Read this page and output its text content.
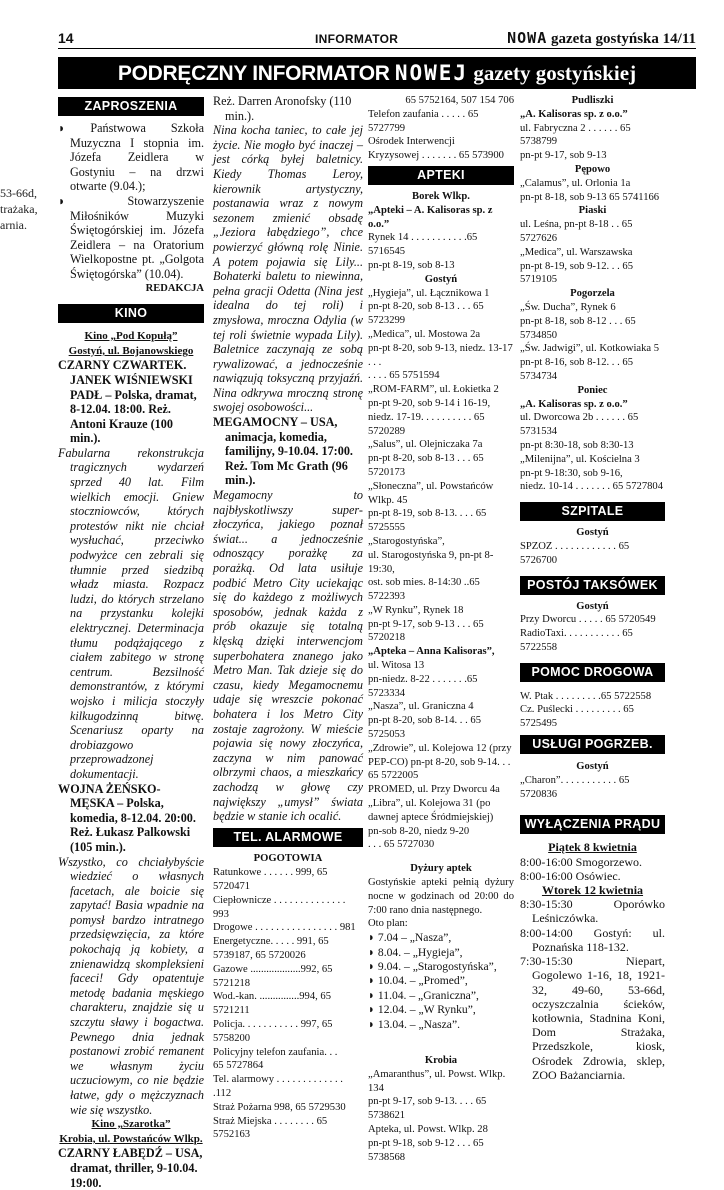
14	INFORMATOR	NOWA gazeta gostyńska 14/11
PODRĘCZNY INFORMATOR NOWEJ gazety gostyńskiej
53-66d,
trażaka,
arnia.
ZAPROSZENIA

◗ Państwowa Szkoła Muzyczna I stopnia im. Józefa Zeidlera w Gostyniu – na drzwi otwarte (9.04.);

◗ Stowarzyszenie Miłośników Muzyki Świętogórskiej im. Józefa Zeidlera – na Oratorium Wielkopostne pt. „Golgota Świętogórska” (10.04).

REDAKCJA

KINO

Kino „Pod Kopułą”

Gostyń, ul. Bojanowskiego

CZARNY CZWARTEK. JANEK WIŚNIEWSKI PADŁ – Polska, dramat, 8-12.04. 18:00. Reż. Antoni Krauze (100 min.).

Fabularna rekonstrukcja tragicznych wydarzeń sprzed 40 lat. Film wielkich emocji. Gniew stoczniowców, których protestów nikt nie chciał wysłuchać, przeciwko podwyżce cen zebrali się tłumnie przed siedzibą władz miasta. Rozpacz ludzi, do których strzelano na przystanku kolejki elektrycznej. Determinacja tłumu podążającego z ciałem zabitego w stronę centrum. Bezsilność demonstrantów, z którymi wojsko i milicja stoczyły kilkugodzinną bitwę. Scenariusz oparty na drobiazgowo przeprowadzonej dokumentacji.

WOJNA ŻEŃSKO-MĘSKA – Polska, komedia, 8-12.04. 20:00. Reż. Łukasz Palkowski (105 min.).

Wszystko, co chciałybyście wiedzieć o własnych facetach, ale boicie się zapytać! Basia wpadnie na pomysł bardzo intratnego przedsięwzięcia, za które pokochają ją kobiety, a znienawidzą skompleksieni faceci! Gdy opatentuje metodę badania męskiego charakteru, znajdzie się u szczytu sławy i bogactwa. Pewnego dnia jednak postanowi zrobić remanent we własnym życiu uczuciowym, co nie będzie łatwe, gdy o mężczyznach wie się wszystko.

Kino „Szarotka”

Krobia, ul. Powstańców Wlkp.

CZARNY ŁABĘDŹ – USA, dramat, thriller, 9-10.04. 19:00.

Reż. Darren Aronofsky (110 min.).

Nina kocha taniec, to całe jej życie. Nie mogło być inaczej – jest córką byłej baletnicy. Kiedy Thomas Leroy, kierownik artystyczny, postanawia wraz z nowym sezonem zmienić obsadę „Jeziora łabędziego”, chce powierzyć główną rolę Ninie. A potem pojawia się Lily... Bohaterki baletu to niewinna, pełna gracji Odetta (Nina jest idealna do tej roli) i zmysłowa, mroczna Odylia (w tej roli świetnie wypada Lily). Baletnice zaczynają ze sobą rywalizować, a jednocześnie nawiązują toksyczną przyjaźń. Nina odkrywa mroczną stronę swojej osobowości...

MEGAMOCNY – USA, animacja, komedia, familijny, 9-10.04. 17:00. Reż. Tom Mc Grath (96 min.).

Megamocny to najbłyskotliwszy super-złoczyńca, jakiego poznał świat... a jednocześnie odnoszący porażkę za porażką. Od lata usiłuje podbić Metro City uciekając się do każdego z możliwych sposobów, jednak każda z prób okazuje się totalną klęską dzięki interwencjom superbohatera znanego jako Metro Man. Tak dzieje się do czasu, kiedy Megamocnemu udaje się wreszcie pokonać bohatera i los Metro City zostaje zagrożony. W mieście pojawia się nowy złoczyńca, zaczyna w nim panować olbrzymi chaos, a mieszkańcy zachodzą w głowę czy największy „umysł” świata będzie w stanie ich ocalić.

TEL. ALARMOWE

POGOTOWIA

Ratunkowe . . . . . . 999, 65 5720471

Ciepłownicze . . . . . . . . . . . . . . 993

Drogowe . . . . . . . . . . . . . . . . 981

Energetyczne. . . . . 991, 65 5739187, 65 5720026

Gazowe ...................992, 65 5721218

Wod.-kan. ...............994, 65 5721211

Policja. . . . . . . . . . . 997, 65 5758200

Policyjny telefon zaufania. . .

65 5727864

Tel. alarmowy . . . . . . . . . . . . . .112

Straż Pożarna 998, 65 5729530

Straż Miejska . . . . . . . . 65 5752163

65 5752164, 507 154 706

Telefon zaufania . . . . . 65 5727799

Ośrodek Interwencji

Kryzysowej . . . . . . . 65 573900

APTEKI

Borek Wlkp.

„Apteki – A. Kalisoras sp. z o.o.”

Rynek 14 . . . . . . . . . . .65 5716545

pn-pt 8-19, sob 8-13

Gostyń

„Hygieja”, ul. Łącznikowa 1

pn-pt 8-20, sob 8-13 . . . 65 5723299

„Medica”, ul. Mostowa 2a

pn-pt 8-20, sob 9-13, niedz. 13-17 . . .

. . . . 65 5751594

„ROM-FARM”, ul. Łokietka 2

pn-pt 9-20, sob 9-14 i 16-19,

niedz. 17-19. . . . . . . . . . 65 5720289

„Salus”, ul. Olejniczaka 7a

pn-pt 8-20, sob 8-13 . . . 65 5720173

„Słoneczna”, ul. Powstańców Wlkp. 45

pn-pt 8-19, sob 8-13. . . . 65 5725555

„Starogostyńska”,

ul. Starogostyńska 9, pn-pt 8-19:30,

ost. sob mies. 8-14:30 ..65 5722393

„W Rynku”, Rynek 18

pn-pt 9-17, sob 9-13 . . . 65 5720218

„Apteka – Anna Kalisoras”,

ul. Witosa 13

pn-niedz. 8-22 . . . . . . .65 5723334

„Nasza”, ul. Graniczna 4

pn-pt 8-20, sob 8-14. . . 65 5725053

„Zdrowie”, ul. Kolejowa 12 (przy PEP-CO) pn-pt 8-20, sob 9-14. . . 65 5722005

PROMED, ul. Przy Dworcu 4a

„Libra”, ul. Kolejowa 31 (po dawnej aptece Śródmiejskiej)

pn-sob 8-20, niedz 9-20

. . . 65 5727030

Dyżury aptek

Gostyńskie apteki pełnią dyżury nocne w godzinach od 20:00 do 7:00 rano dnia następnego.

Oto plan:

◗ 7.04 – „Nasza”,

◗ 8.04. – „Hygieja”,

◗ 9.04. – „Starogostyńska”,

◗ 10.04. – „Promed”,

◗ 11.04. – „Graniczna”,

◗ 12.04. – „W Rynku”,

◗ 13.04. – „Nasza”.

Krobia

„Amaranthus”, ul. Powst. Wlkp. 134

pn-pt 9-17, sob 9-13. . . . 65 5738621

Apteka, ul. Powst. Wlkp. 28

pn-pt 9-18, sob 9-12 . . . 65 5738568

Pudliszki

„A. Kalisoras sp. z o.o.”

ul. Fabryczna 2 . . . . . . 65 5738799

pn-pt 9-17, sob 9-13

Pępowo

„Calamus”, ul. Orlonia 1a

pn-pt 8-18, sob 9-13 65 5741166

Piaski

ul. Leśna, pn-pt 8-18 . . 65 5727626

„Medica”, ul. Warszawska

pn-pt 8-19, sob 9-12. . . 65 5719105

Pogorzela

„Św. Ducha”, Rynek 6

pn-pt 8-18, sob 8-12 . . . 65 5734850

„Św. Jadwigi”, ul. Kotkowiaka 5

pn-pt 8-16, sob 8-12. . . 65 5734734

Poniec

„A. Kalisoras sp. z o.o.”

ul. Dworcowa 2b . . . . . . 65 5731534

pn-pt 8:30-18, sob 8:30-13

„Milenijna”, ul. Kościelna 3

pn-pt 9-18:30, sob 9-16,

niedz. 10-14 . . . . . . . 65 5727804

SZPITALE

Gostyń

SPZOZ . . . . . . . . . . . . 65 5726700

POSTÓJ TAKSÓWEK

Gostyń

Przy Dworcu . . . . . 65 5720549

RadioTaxi. . . . . . . . . . . 65 5722558

POMOC DROGOWA

W. Ptak . . . . . . . . .65 5722558

Cz. Puślecki . . . . . . . . . 65 5725495

USŁUGI POGRZEB.

Gostyń

„Charon”. . . . . . . . . . . 65 5720836

WYŁĄCZENIA PRĄDU

Piątek 8 kwietnia

8:00-16:00 Smogorzewo.

8:00-16:00 Osówiec.

Wtorek 12 kwietnia

8:30-15:30 Oporówko Leśniczówka.

8:00-14:00 Gostyń: ul. Poznańska 118-132.

7:30-15:30 Niepart, Gogolewo 1-16, 18, 1921-32, 49-60, 53-66d, oczyszczalnia ścieków, kotłownia, Stadnina Koni, Dom Strażaka, Przedszkole, kiosk, Ośrodek Zdrowia, sklep, ZOO Bażanciarnia.
